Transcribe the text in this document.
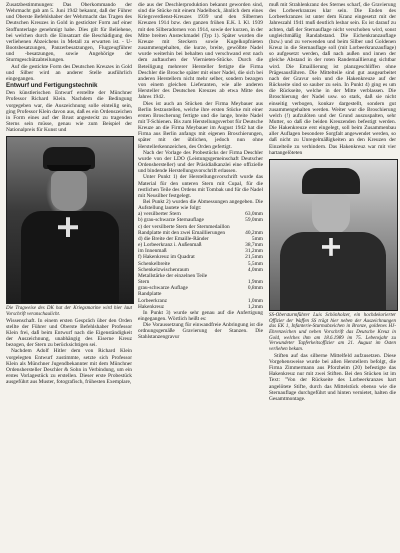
Zusatzbestimmungen: Das Oberkommando der Wehrmacht gab am 5. Juni 1942 bekannt, daß der Führer und Oberste Befehlshaber der Wehrmacht das Tragen des Deutschen Kreuzes in Gold in gestickter Form auf einer Stoffunterlage genehmigt habe. Dies gilt für Beliehene, bei welchen durch die Einsatzart die Beschädigung des verliehenen Abzeichens in Metall zu erwarten ist. - U-Bootsbesatzungen, Panzerbesatzungen, Flugzeugführer und -besatzungen, sowie Angehörige der Sturmgeschützabteilungen.

Auf die gestickte Form des Deutschen Kreuzes in Gold und Silber wird an anderer Stelle ausführlich eingegangen.

Entwurf und Fertigungstechnik

Den künstlerischen Entwurf erstellte der Münchner Professor Richard Klein. Nachdem die Bedingung vorgegeben war, die Auszeichnung solle einteilig sein, ging Professor Klein davon aus, daß es ein Ordenszeichen in Form eines auf der Brust angesteckt zu tragenden Sterns sein müsse, genau wie zum Beispiel der Nationalpreis für Kunst und

Die Tragweise des DK hat der Kriegsmarine wird hier laut Vorschrift veranschaulicht.

Wissenschaft. In einem ersten Gespräch über den Orden stellte der Führer und Oberste Befehlshaber Professor Klein frei, daß beim Entwurf nach die Eigenständigkeit der Auszeichnung, unabhängig des Eiserne Kreuz bezogen, der Stern zu berücksichtigen sei.

Nachdem Adolf Hitler dem von Richard Klein vorgelegten Entwurf zustimmte, setzte sich Professor Klein als Münchner Jugendbekannter mit dem Münchner Ordenshersteller Deschler & Sohn in Verbindung, um ein erstes Vorlagestück zu erstellen. Dieser erste Probestück ausgeführt aus Muster, fotografisch, frühesten Exemplare,

die aus der Deschlerproduktion bekannt geworden sind, sind die Stücke mit einem Nadelbock, ähnlich dem eines Kriegsverdienst-Kreuzes 1939 und den Silbernen Kreuzen 1914 bzw. den ganzen frühen E.K. I. Kl. 1939 mit den Silberadornen von 1914, sowie der kurzen, in der Mitte breiten Ansteckmadel (Typ 1). Später wurden die Kreuze mit Steckern sowie Kugelkopfnieten zusammengehalten, die kurze, breite, gewölbte Nadel wurde weiterhin bei behalten und verschwand erst nach dem auftauchen der Viernieten-Stücke. Durch die Beteiligung mehrerer Hersteller fertigte die Firma Deschler die Brosche später mit einer Nadel, die sich bei anderen Herstellern nicht mehr selber, sondern bezogen von einem gleichen Lieferanten, wie alle anderen Hersteller des Deutschen Kreuzes ab etwa Mitte des Jahres 1942.

Dies ist auch an Stücken der Firma Meybauer aus Berlin festzustellen, welche ihre ersten Stücke mit einer ersten Broscherung fertigte und die lange, breite Nadel mit T-Schienen. Bis zum Herstellungsverbot für Deutsche Kreuze an die Firma Meybauer im August 1942 hat die Firma aus Berlin anfangs mit eigenen Broschierungen, später mit der üblichen, jedoch nun ohne Herstellerkennzeichen, des Orden gefertigt.

Nach der Vorlage des Probestücks der Firma Deschler wurde von der LDO (Leistungsgemeinschaft Deutscher Ordenshersteller) und der Präsidialkanzlei eine offizielle und bindende Herstellungsvorschrift erlassen.

Unter Punkt 1) der Herstellungsvorschrift wurde das Material für den unteren Stern mit Cupal, für die restlichen Teile des Ordens mit Tombak und für die Nadel mit Neusilber festgelegt.

Bei Punkt 2) wurden die Abmessungen angegeben. Die Aufstellung lautete wie folgt:

a) versilberter Stern	63,0mm
b) grau-schwarze Sternauflage	59,0mm
c) der versilberte Stern der Sternmedaillon
Randplatte mit den zwei Emaillierungen	40,2mm
d) die Breite der Emaille-Ränder	5mm
e) Lorbeerkranz i. Außenmaß	38,7mm
im Innenmaß	31,2mm
f) Hakenkreuz im Quadrat	21,5mm
Schenkelbreite	5,5mm
Schenkelzwischenraum	4,0mm

Metallstärke der einzelnen Teile

Stern	1,9mm
grau-schwarze Auflage	0,8mm
Randplatte
Lorbeerkranz	1,0mm
Hakenkreuz	1,2mm

In Punkt 3) wurde sehr genau auf die Anfertigung eingegangen. Wörtlich heißt es:

Die Voraussetzung für einwandfreie Anbringung ist die ordnungsgemäße Gravierung der Stanzen. Die Stahlstanzengravur

muß mit Strahlenkranz des Sternes scharf, die Gravierung des Lorbeerkranzes klar sein. Die Enden des Lorbeerkranzes ist unter dem Kranz eingesetzt mit der Jahreszahl 1941 muß deutlich lesbar sein. Es ist darauf zu achten, daß der Sternauflage nicht verschoben wird, sonst ungleichmäßig Randabstand. Die Eichenkranzauflage (bzw.) und zu verwenden und beim Silber und Goldenen Kreuz in die Sternauflage soll (mit Lorbeerkranzauflage) so aufgesetzt werden, daß nach außen und innen der gleiche Abstand in der roten Randemaillierung sichtbar wird. Die Emaillierung ist planzgeschliffen ohne Prägesausführen. Die Mittelteile sind gut ausgearbeitet nach der Gravur sein und die Hakenkreuze auf der Rückseite sind so sauber zu sein. In Punkt 4) ging es um die Rückseite, welche in der Mitte verblassen. Die Broschierung der Nadel usw. so stark, daß sie nicht einseitig verbogen, konkav dargestellt, sondern gut zusammengehalten werden. Weiter war die Broschierung welch (!) aufzulöten und der Grund auszuspalten, sehr Mutter, so daß die beiden Kreuzenden befestigt werden. Die Hakenkreuze erst eingelegt, soll beim Zusammenbau aller Auflagen besondere Sorgfalt angewendet werden, so daß nicht zu Unregelmäßigkeiten an den Kreuzen der Einzelteile zu verhindern. Das Hakenkreuz war mit vier hartangelöteten

SS-Obersturmführer Luis Schönholzer, ein hochdekorierter Offizier der Waffen SS trägt hier neben der Auszeichnungen das EK 1, Infanterie-Sturmabzeichen in Bronze, goldenes HJ-Ehrenzeichen und neben Vorschrift das Deutsche Kreuz in Gold, welches ihm am 18.6.1989 im 75. Lebensjahr zu Verwundeter Tapferkeitsoffizier am 21. August im Osten verliehen bekam.

Stiften auf das silberne Mittelfeld aufzusetzen. Diese Vorgehensweise wurde bei allen Herstellern befolgt, die Firma Zimmermann aus Pforzheim (20) befestigte das Hakenkreuz nur mit zwei Stiften. Bei den Stücken ist im Text: "Von der Rückseite des Lorbeerkranzes hart angelötete Stifte, durch das Mittelstück ebenso wie die Sternauflage durchgeführt und hinten vernietet, halten die Gesamtmontage.
